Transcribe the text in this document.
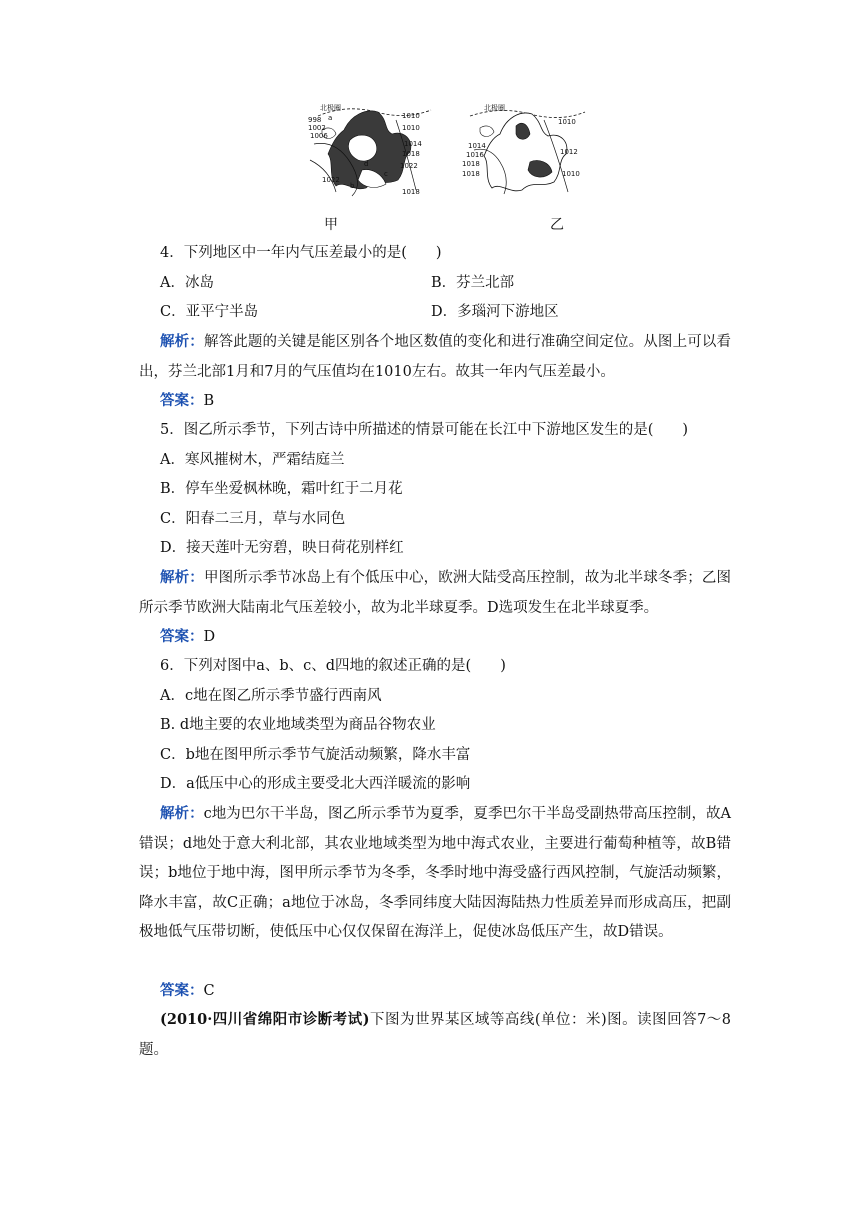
北极圈
998
1002
1006
1010
1010
1014
1018
1022
1022
1018
a
b
c
d
北极圈
1010
1012
1014
1016
1018
1018	1010
甲	乙
4．下列地区中一年内气压差最小的是(　　)
A．冰岛	B．芬兰北部
C．亚平宁半岛	D．多瑙河下游地区
解析：解答此题的关键是能区别各个地区数值的变化和进行准确空间定位。从图上可以看出，芬兰北部1月和7月的气压值均在1010左右。故其一年内气压差最小。
答案：B
5．图乙所示季节，下列古诗中所描述的情景可能在长江中下游地区发生的是(　　)
A．寒风摧树木，严霜结庭兰
B．停车坐爱枫林晚，霜叶红于二月花
C．阳春二三月，草与水同色
D．接天莲叶无穷碧，映日荷花别样红
解析：甲图所示季节冰岛上有个低压中心，欧洲大陆受高压控制，故为北半球冬季；乙图所示季节欧洲大陆南北气压差较小，故为北半球夏季。D选项发生在北半球夏季。
答案：D
6．下列对图中a、b、c、d四地的叙述正确的是(　　)
A．c地在图乙所示季节盛行西南风
B. d地主要的农业地域类型为商品谷物农业
C．b地在图甲所示季节气旋活动频繁，降水丰富
D．a低压中心的形成主要受北大西洋暖流的影响
解析：c地为巴尔干半岛，图乙所示季节为夏季，夏季巴尔干半岛受副热带高压控制，故A错误；d地处于意大利北部，其农业地域类型为地中海式农业，主要进行葡萄种植等，故B错误；b地位于地中海，图甲所示季节为冬季，冬季时地中海受盛行西风控制，气旋活动频繁，降水丰富，故C正确；a地位于冰岛，冬季同纬度大陆因海陆热力性质差异而形成高压，把副极地低气压带切断，使低压中心仅仅保留在海洋上，促使冰岛低压产生，故D错误。
答案：C
(2010·四川省绵阳市诊断考试)下图为世界某区域等高线(单位：米)图。读图回答7～8题。
